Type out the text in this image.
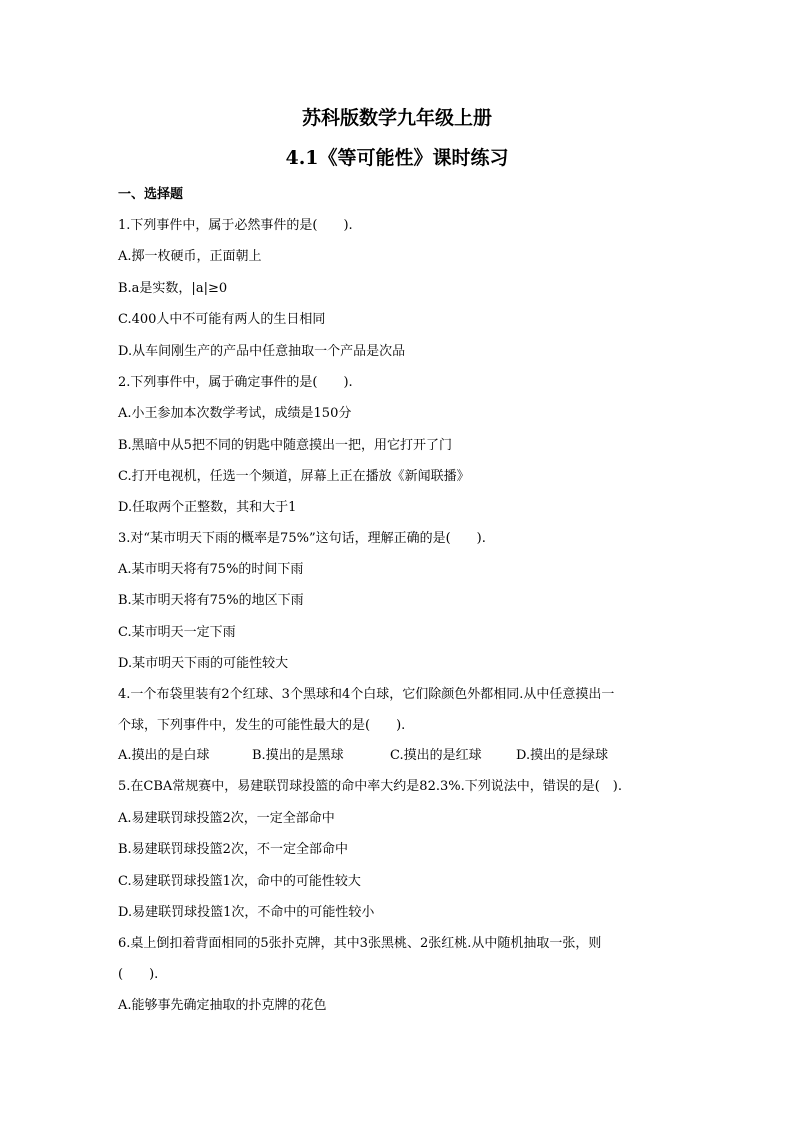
苏科版数学九年级上册
4.1《等可能性》课时练习
一、选择题
1.下列事件中，属于必然事件的是(　　).
A.掷一枚硬币，正面朝上
B.a是实数，|a|≥0
C.400人中不可能有两人的生日相同
D.从车间刚生产的产品中任意抽取一个产品是次品
2.下列事件中，属于确定事件的是(　　).
A.小王参加本次数学考试，成绩是150分
B.黑暗中从5把不同的钥匙中随意摸出一把，用它打开了门
C.打开电视机，任选一个频道，屏幕上正在播放《新闻联播》
D.任取两个正整数，其和大于1
3.对“某市明天下雨的概率是75%”这句话，理解正确的是(　　).
B.某市明天将有75%的地区下雨
A.某市明天将有75%的时间下雨
C.某市明天一定下雨
D.某市明天下雨的可能性较大
4.一个布袋里装有2个红球、3个黑球和4个白球，它们除颜色外都相同.从中任意摸出一
个球，下列事件中，发生的可能性最大的是(　　).
A.摸出的是白球	B.摸出的是黑球	C.摸出的是红球	D.摸出的是绿球
5.在CBA常规赛中，易建联罚球投篮的命中率大约是82.3%.下列说法中，错误的是(　).
A.易建联罚球投篮2次，一定全部命中
B.易建联罚球投篮2次，不一定全部命中
C.易建联罚球投篮1次，命中的可能性较大
D.易建联罚球投篮1次，不命中的可能性较小
6.桌上倒扣着背面相同的5张扑克牌，其中3张黑桃、2张红桃.从中随机抽取一张，则
(　　).
A.能够事先确定抽取的扑克牌的花色
